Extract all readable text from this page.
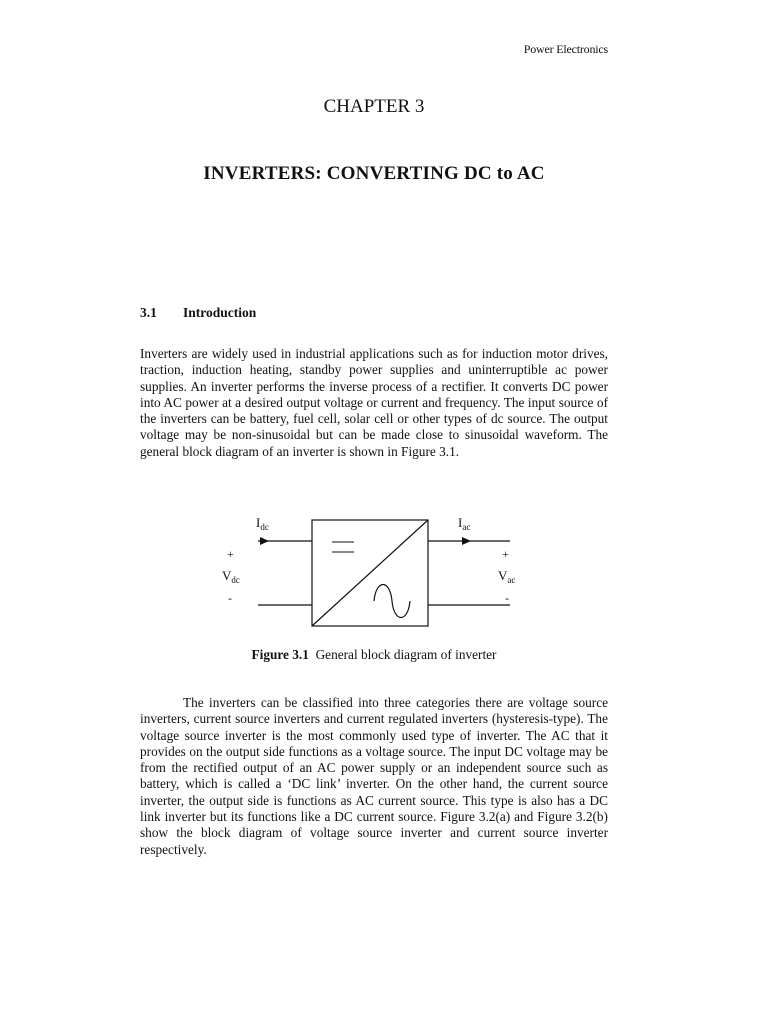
Power Electronics
CHAPTER 3
INVERTERS: CONVERTING DC to AC
3.1 Introduction
Inverters are widely used in industrial applications such as for induction motor drives, traction, induction heating, standby power supplies and uninterruptible ac power supplies. An inverter performs the inverse process of a rectifier. It converts DC power into AC power at a desired output voltage or current and frequency. The input source of the inverters can be battery, fuel cell, solar cell or other types of dc source. The output voltage may be non-sinusoidal but can be made close to sinusoidal waveform. The general block diagram of an inverter is shown in Figure 3.1.
$I_{dc}$	$I_{ac}$
+	+
$V_{dc}$	$V_{ac}$
-	-
Figure 3.1 General block diagram of inverter
The inverters can be classified into three categories there are voltage source inverters, current source inverters and current regulated inverters (hysteresis-type). The voltage source inverter is the most commonly used type of inverter. The AC that it provides on the output side functions as a voltage source. The input DC voltage may be from the rectified output of an AC power supply or an independent source such as battery, which is called a ‘DC link’ inverter. On the other hand, the current source inverter, the output side is functions as AC current source. This type is also has a DC link inverter but its functions like a DC current source. Figure 3.2(a) and Figure 3.2(b) show the block diagram of voltage source inverter and current source inverter respectively.
